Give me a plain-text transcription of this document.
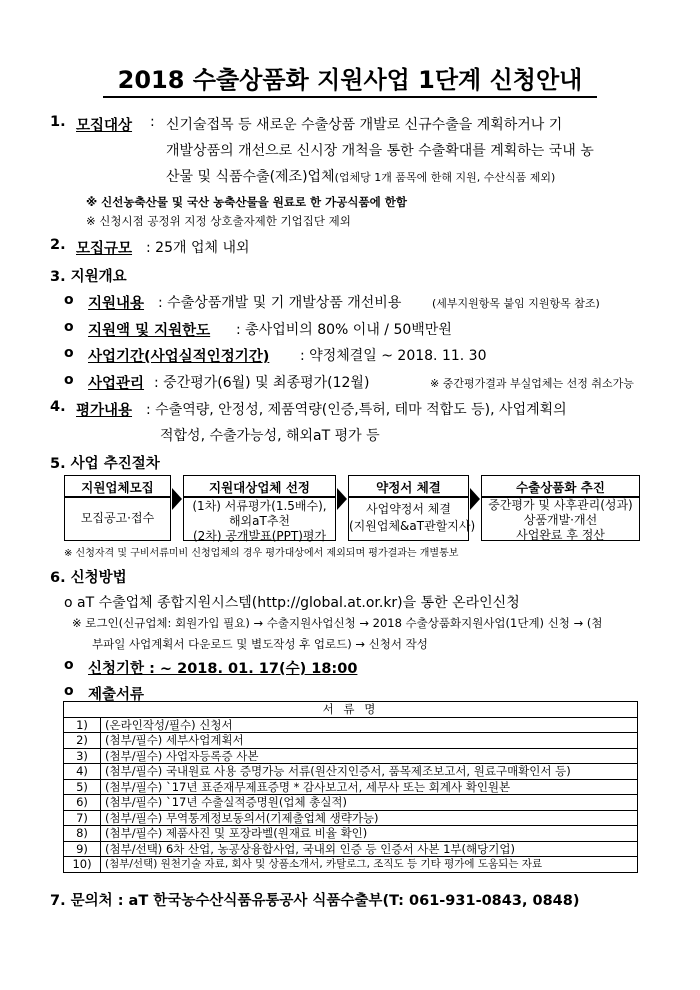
2018 수출상품화 지원사업 1단계 신청안내
1. 모집대상 : 신기술접목 등 새로운 수출상품 개발로 신규수출을 계획하거나 기
개발상품의 개선으로 신시장 개척을 통한 수출확대를 계획하는 국내 농
산물 및 식품수출(제조)업체(업체당 1개 품목에 한해 지원, 수산식품 제외)
※ 신선농축산물 및 국산 농축산물을 원료로 한 가공식품에 한함
※ 신청시점 공정위 지정 상호출자제한 기업집단 제외
2. 모집규모 : 25개 업체 내외
3. 지원개요
o 지원내용 : 수출상품개발 및 기 개발상품 개선비용	(세부지원항목 붙임 지원항목 참조)
o 지원액 및 지원한도 : 총사업비의 80% 이내 / 50백만원
o 사업기간(사업실적인정기간) : 약정체결일 ~ 2018. 11. 30
o 사업관리 : 중간평가(6월) 및 최종평가(12월)	※ 중간평가결과 부실업체는 선정 취소가능
4. 평가내용 : 수출역량, 안정성, 제품역량(인증,특허, 테마 적합도 등), 사업계획의
적합성, 수출가능성, 해외aT 평가 등
5. 사업 추진절차
지원업체모집
모집공고·접수
지원대상업체 선정
(1차) 서류평가(1.5배수),
해외aT추천
(2차) 공개발표(PPT)평가
약정서 체결
사업약정서 체결
(지원업체&aT관할지사)
수출상품화 추진
중간평가 및 사후관리(성과)
상품개발·개선
사업완료 후 정산
※ 신청자격 및 구비서류미비 신청업체의 경우 평가대상에서 제외되며 평가결과는 개별통보
6. 신청방법
o aT 수출업체 종합지원시스템(http://global.at.or.kr)을 통한 온라인신청
※ 로그인(신규업체: 회원가입 필요) → 수출지원사업신청 → 2018 수출상품화지원사업(1단계) 신청 → (첨
부파일 사업계획서 다운로드 및 별도작성 후 업로드) → 신청서 작성
o 신청기한 : ~ 2018. 01. 17(수) 18:00
o 제출서류
서 류 명	
1)	(온라인작성/필수) 신청서
2)	(첨부/필수) 세부사업계획서
3)	(첨부/필수) 사업자등록증 사본
4)	(첨부/필수) 국내원료 사용 증명가능 서류(원산지인증서, 품목제조보고서, 원료구매확인서 등)
5)	(첨부/필수) `17년 표준재무제표증명 * 감사보고서, 세무사 또는 회계사 확인원본
6)	(첨부/필수) `17년 수출실적증명원(업체 총실적)
7)	(첨부/필수) 무역통계정보동의서(기제출업체 생략가능)
8)	(첨부/필수) 제품사진 및 포장라벨(원재료 비율 확인)
9)	(첨부/선택) 6차 산업, 농공상융합사업, 국내외 인증 등 인증서 사본 1부(해당기업)
10)	(첨부/선택) 원천기술 자료, 회사 및 상품소개서, 카탈로그, 조직도 등 기타 평가에 도움되는 자료
7. 문의처 : aT 한국농수산식품유통공사 식품수출부(T: 061-931-0843, 0848)
